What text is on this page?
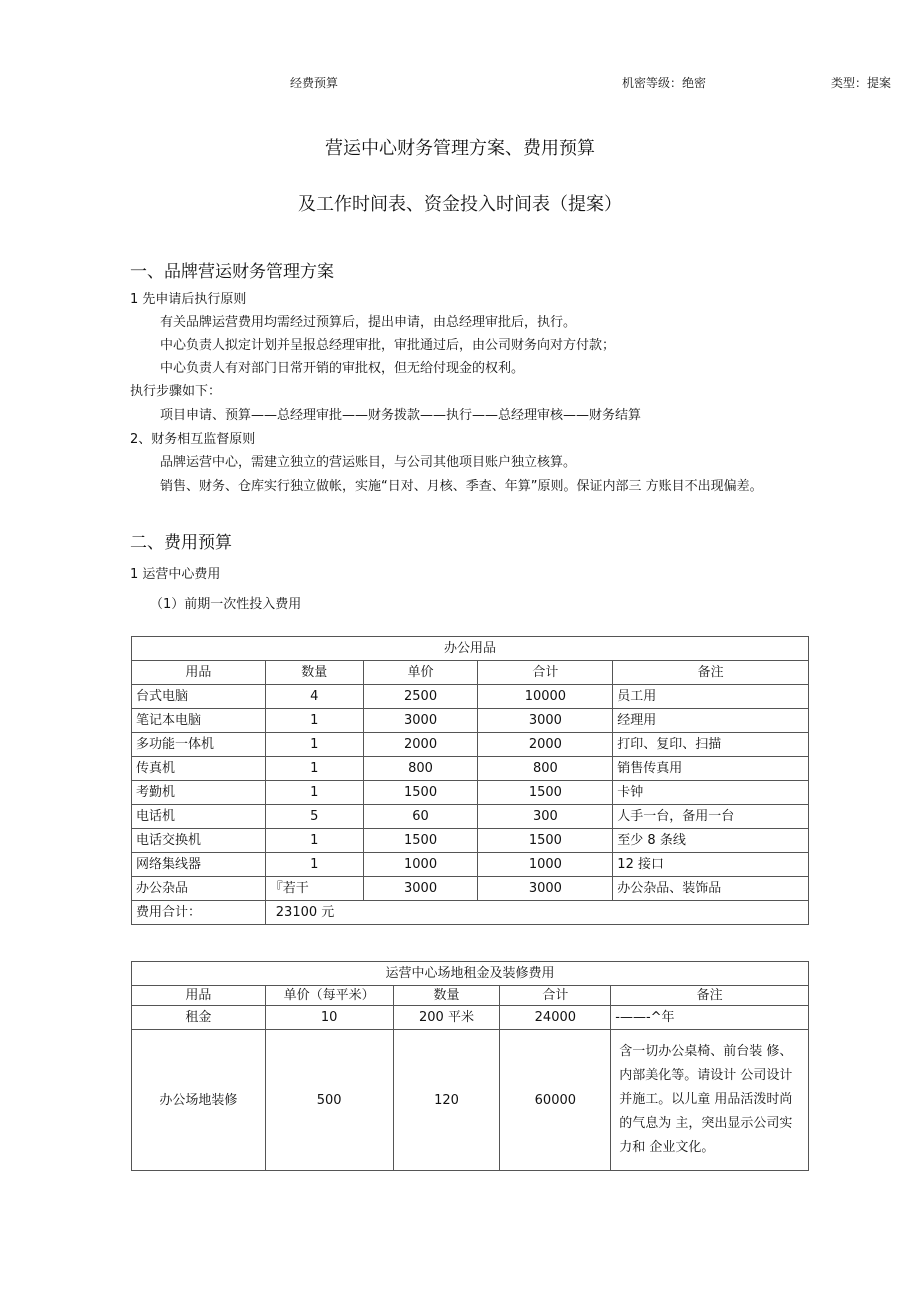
经费预算	机密等级：绝密	类型：提案
营运中心财务管理方案、费用预算
及工作时间表、资金投入时间表（提案）
一、品牌营运财务管理方案
1 先申请后执行原则
有关品牌运营费用均需经过预算后，提出申请，由总经理审批后，执行。
中心负责人拟定计划并呈报总经理审批，审批通过后，由公司财务向对方付款；
中心负责人有对部门日常开销的审批权，但无给付现金的权利。
执行步骤如下：
项目申请、预算——总经理审批——财务拨款——执行——总经理审核——财务结算
2、财务相互监督原则
品牌运营中心，需建立独立的营运账目，与公司其他项目账户独立核算。
销售、财务、仓库实行独立做帐，实施“日对、月核、季查、年算”原则。保证内部三 方账目不出现偏差。
二、费用预算
1 运营中心费用
（1）前期一次性投入费用
办公用品				
用品	数量	单价	合计	备注
台式电脑	4	2500	10000	员工用
笔记本电脑	1	3000	3000	经理用
多功能一体机	1	2000	2000	打印、复印、扫描
传真机	1	800	800	销售传真用
考勤机	1	1500	1500	卡钟
电话机	5	60	300	人手一台，备用一台
电话交换机	1	1500	1500	至少 8 条线
网络集线器	1	1000	1000	12 接口
办公杂品	『若干	3000	3000	办公杂品、装饰品
费用合计：	23100 元			
运营中心场地租金及装修费用				
用品	单价（每平米）	数量	合计	备注
租金	10	200 平米	24000	-——-^年
办公场地装修	500	120	60000	含一切办公桌椅、前台装 修、内部美化等。请设计 公司设计并施工。以儿童 用品活泼时尚的气息为 主，突出显示公司实力和 企业文化。
